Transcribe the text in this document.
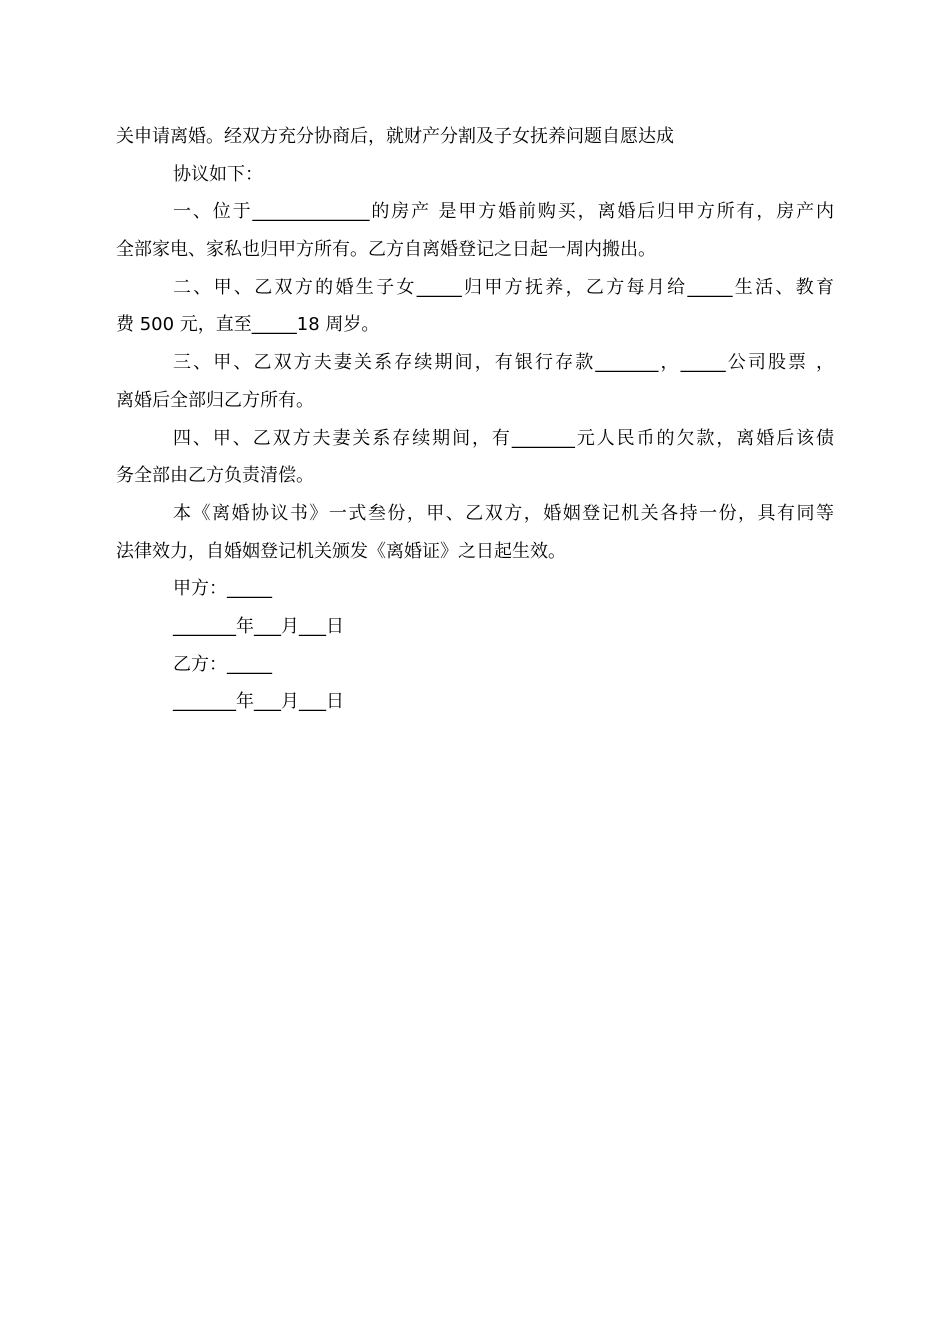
关申请离婚。经双方充分协商后，就财产分割及子女抚养问题自愿达成
协议如下：
一、位于_____________的房产 是甲方婚前购买，离婚后归甲方所有，房产内
全部家电、家私也归甲方所有。乙方自离婚登记之日起一周内搬出。
二、甲、乙双方的婚生子女_____归甲方抚养，乙方每月给_____生活、教育
费 500 元，直至_____18 周岁。
三、甲、乙双方夫妻关系存续期间，有银行存款_______，_____公司股票 ，
离婚后全部归乙方所有。
四、甲、乙双方夫妻关系存续期间，有_______元人民币的欠款，离婚后该债
务全部由乙方负责清偿。
本《离婚协议书》一式叁份，甲、乙双方，婚姻登记机关各持一份，具有同等
法律效力，自婚姻登记机关颁发《离婚证》之日起生效。
甲方：_____
_______年___月___日
乙方：_____
_______年___月___日
